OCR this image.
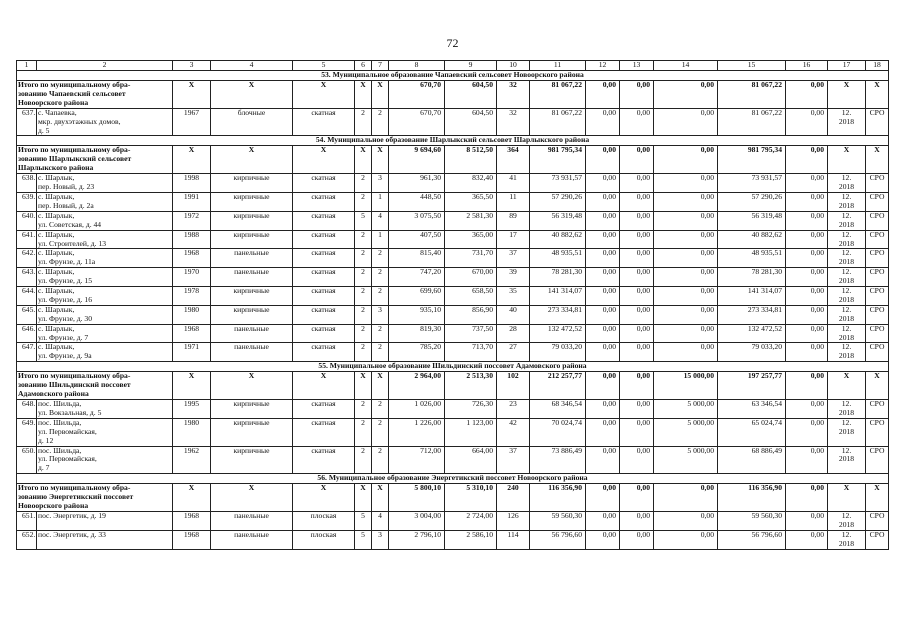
72
1	2	3	4	5	6	7	8	9	10	11	12	13	14	15	16	17	18
53. Муниципальное образование Чапаевский сельсовет Новоорского района																	
Итого по муниципальному обра-
зованию Чапаевский сельсовет
Новоорского района		X	X	X	X	X	670,70	604,50	32	81 067,22	0,00	0,00	0,00	81 067,22	0,00	X	X
637.	с. Чапаевка,
мкр. двухэтажных домов,
д. 5	1967	блочные	скатная	2	2	670,70	604,50	32	81 067,22	0,00	0,00	0,00	81 067,22	0,00	12.
2018	СРО
54. Муниципальное образование Шарлыкский сельсовет Шарлыкского района																	
Итого по муниципальному обра-
зованию Шарлыкский сельсовет
Шарлыкского района		X	X	X	X	X	9 694,60	8 512,50	364	981 795,34	0,00	0,00	0,00	981 795,34	0,00	X	X
638.	с. Шарлык,
пер. Новый, д. 23	1998	кирпичные	скатная	2	3	961,30	832,40	41	73 931,57	0,00	0,00	0,00	73 931,57	0,00	12.
2018	СРО
639.	с. Шарлык,
пер. Новый, д. 2а	1991	кирпичные	скатная	2	1	448,50	365,50	11	57 290,26	0,00	0,00	0,00	57 290,26	0,00	12.
2018	СРО
640.	с. Шарлык,
ул. Советская, д. 44	1972	кирпичные	скатная	5	4	3 075,50	2 581,30	89	56 319,48	0,00	0,00	0,00	56 319,48	0,00	12.
2018	СРО
641.	с. Шарлык,
ул. Строителей, д. 13	1988	кирпичные	скатная	2	1	407,50	365,00	17	40 882,62	0,00	0,00	0,00	40 882,62	0,00	12.
2018	СРО
642.	с. Шарлык,
ул. Фрунзе, д. 11а	1968	панельные	скатная	2	2	815,40	731,70	37	48 935,51	0,00	0,00	0,00	48 935,51	0,00	12.
2018	СРО
643.	с. Шарлык,
ул. Фрунзе, д. 15	1970	панельные	скатная	2	2	747,20	670,00	39	78 281,30	0,00	0,00	0,00	78 281,30	0,00	12.
2018	СРО
644.	с. Шарлык,
ул. Фрунзе, д. 16	1978	кирпичные	скатная	2	2	699,60	658,50	35	141 314,07	0,00	0,00	0,00	141 314,07	0,00	12.
2018	СРО
645.	с. Шарлык,
ул. Фрунзе, д. 30	1980	кирпичные	скатная	2	3	935,10	856,90	40	273 334,81	0,00	0,00	0,00	273 334,81	0,00	12.
2018	СРО
646.	с. Шарлык,
ул. Фрунзе, д. 7	1968	панельные	скатная	2	2	819,30	737,50	28	132 472,52	0,00	0,00	0,00	132 472,52	0,00	12.
2018	СРО
647.	с. Шарлык,
ул. Фрунзе, д. 9а	1971	панельные	скатная	2	2	785,20	713,70	27	79 033,20	0,00	0,00	0,00	79 033,20	0,00	12.
2018	СРО
55. Муниципальное образование Шильдинский поссовет Адамовского района																	
Итого по муниципальному обра-
зованию Шильдинский поссовет
Адамовского района		X	X	X	X	X	2 964,00	2 513,30	102	212 257,77	0,00	0,00	15 000,00	197 257,77	0,00	X	X
648.	пос. Шильда,
ул. Вокзальная, д. 5	1995	кирпичные	скатная	2	2	1 026,00	726,30	23	68 346,54	0,00	0,00	5 000,00	63 346,54	0,00	12.
2018	СРО
649.	пос. Шильда,
ул. Первомайская,
д. 12	1980	кирпичные	скатная	2	2	1 226,00	1 123,00	42	70 024,74	0,00	0,00	5 000,00	65 024,74	0,00	12.
2018	СРО
650.	пос. Шильда,
ул. Первомайская,
д. 7	1962	кирпичные	скатная	2	2	712,00	664,00	37	73 886,49	0,00	0,00	5 000,00	68 886,49	0,00	12.
2018	СРО
56. Муниципальное образование Энергетикский поссовет Новоорского района																	
Итого по муниципальному обра-
зованию Энергетикский поссовет
Новоорского района		X	X	X	X	X	5 800,10	5 310,10	240	116 356,90	0,00	0,00	0,00	116 356,90	0,00	X	X
651.	пос. Энергетик, д. 19	1968	панельные	плоская	5	4	3 004,00	2 724,00	126	59 560,30	0,00	0,00	0,00	59 560,30	0,00	12.
2018	СРО
652.	пос. Энергетик, д. 33	1968	панельные	плоская	5	3	2 796,10	2 586,10	114	56 796,60	0,00	0,00	0,00	56 796,60	0,00	12.
2018	СРО
